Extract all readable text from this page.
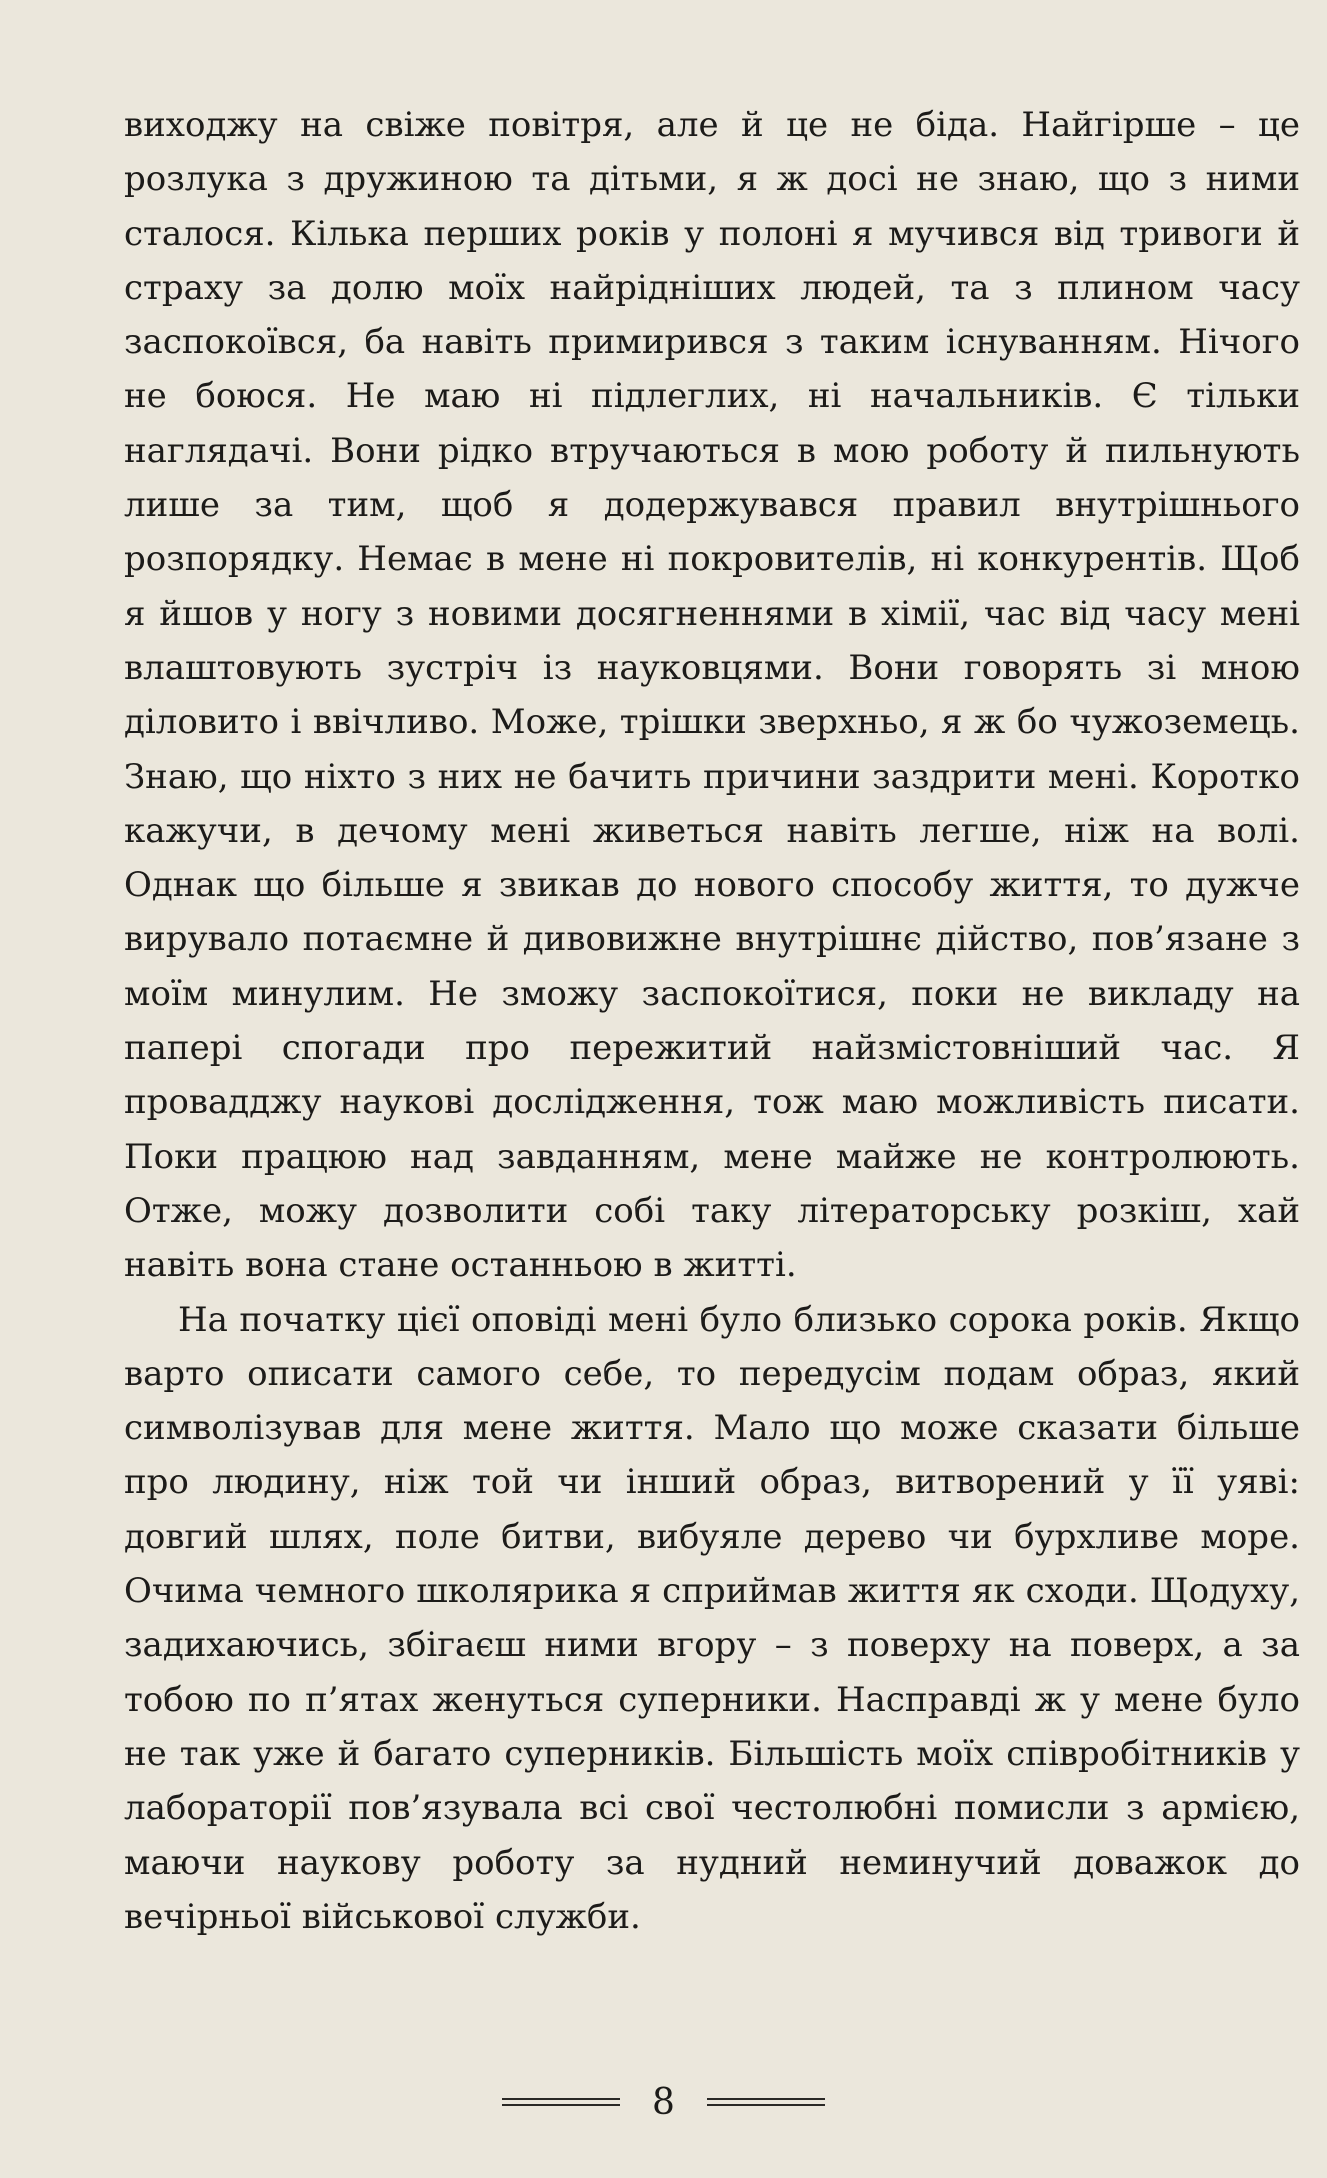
виходжу на свіже повітря, але й це не біда. Найгірше – це розлука з дружиною та дітьми, я ж досі не знаю, що з ними сталося. Кілька перших років у полоні я мучився від тривоги й страху за долю моїх найрідніших людей, та з плином часу заспокоївся, ба навіть примирився з таким існуванням. Нічого не боюся. Не маю ні підлеглих, ні начальників. Є тільки наглядачі. Вони рідко втручаються в мою роботу й пильнують лише за тим, щоб я додержувався правил внутрішнього розпорядку. Немає в мене ні покровителів, ні конкурентів. Щоб я йшов у ногу з новими досягненнями в хімії, час від часу мені влаштовують зустріч із науковцями. Вони говорять зі мною діловито і ввічливо. Може, трішки зверхньо, я ж бо чужоземець. Знаю, що ніхто з них не бачить причини заздрити мені. Коротко кажучи, в дечому мені живеться навіть легше, ніж на волі. Однак що більше я звикав до нового способу життя, то дужче вирувало потаємне й дивовижне внутрішнє дійство, пов’язане з моїм минулим. Не зможу заспокоїтися, поки не викладу на папері спогади про пережитий найзмістовніший час. Я провадджу наукові дослідження, тож маю можливість писати. Поки працюю над завданням, мене майже не контролюють. Отже, можу дозволити собі таку літераторську розкіш, хай навіть вона стане останньою в житті.

На початку цієї оповіді мені було близько сорока років. Якщо варто описати самого себе, то передусім подам образ, який символізував для мене життя. Мало що може сказати більше про людину, ніж той чи інший образ, витворений у її уяві: довгий шлях, поле битви, вибуяле дерево чи бурхливе море. Очима чемного школярика я сприймав життя як сходи. Щодуху, задихаючись, збігаєш ними вгору – з поверху на поверх, а за тобою по п’ятах женуться суперники. Насправді ж у мене було не так уже й багато суперників. Більшість моїх співробітників у лабораторії пов’язувала всі свої честолюбні помисли з армією, маючи наукову роботу за нудний неминучий доважок до вечірньої військової служби.

8
